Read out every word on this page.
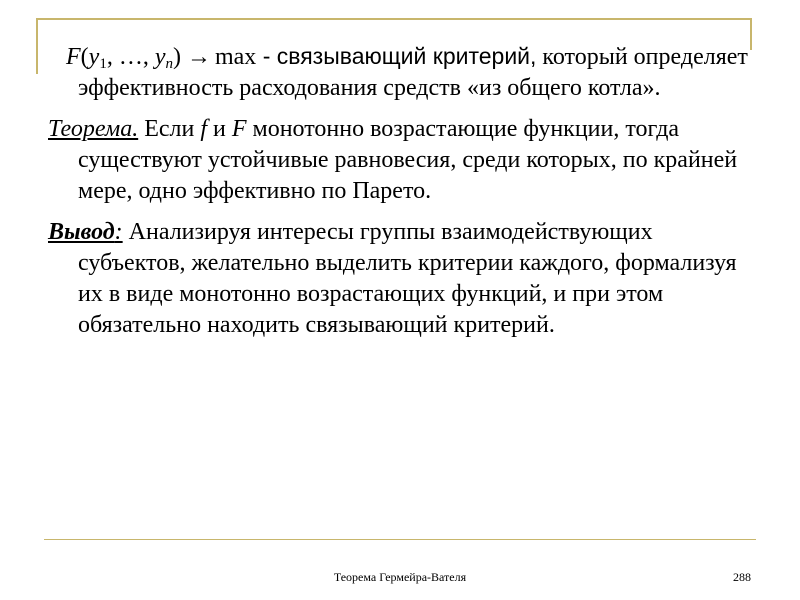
$F(y_1$, …, $y_n) \to \max$ - связывающий критерий, который определяет эффективность расходования средств «из общего котла».

Теорема. Если f и F монотонно возрастающие функции, тогда существуют устойчивые равновесия, среди которых, по крайней мере, одно эффективно по Парето.

Вывод: Анализируя интересы группы взаимодействующих субъектов, желательно выделить критерии каждого, формализуя их в виде монотонно возрастающих функций, и при этом обязательно находить связывающий критерий.

Теорема Гермейра-Вателя	288
